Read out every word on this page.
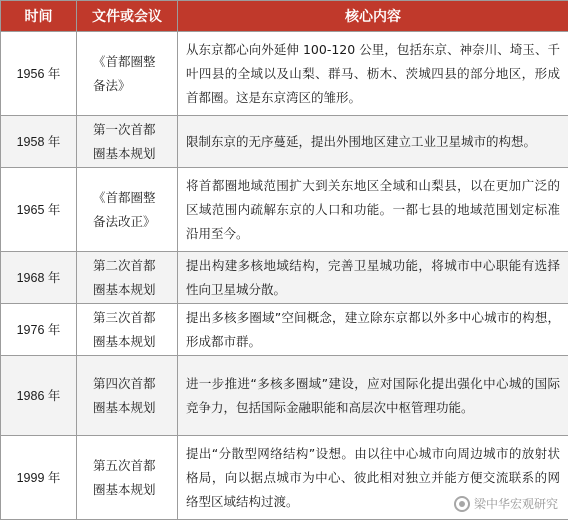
时间	文件或会议	核心内容
1956 年	《首都圈整备法》	从东京都心向外延伸 100-120 公里，包括东京、神奈川、埼玉、千叶四县的全域以及山梨、群马、枥木、茨城四县的部分地区，形成首都圈。这是东京湾区的雏形。
1958 年	第一次首都圈基本规划	限制东京的无序蔓延，提出外围地区建立工业卫星城市的构想。
1965 年	《首都圈整备法改正》	将首都圈地域范围扩大到关东地区全域和山梨县，以在更加广泛的区域范围内疏解东京的人口和功能。一都七县的地域范围划定标准沿用至今。
1968 年	第二次首都圈基本规划	提出构建多核地域结构，完善卫星城功能，将城市中心职能有选择性向卫星城分散。
1976 年	第三次首都圈基本规划	提出多核多圈域”空间概念，建立除东京都以外多中心城市的构想，形成都市群。
1986 年	第四次首都圈基本规划	进一步推进“多核多圈域”建设，应对国际化提出强化中心城的国际竞争力，包括国际金融职能和高层次中枢管理功能。
1999 年	第五次首都圈基本规划	提出“分散型网络结构”设想。由以往中心城市向周边城市的放射状格局，向以据点城市为中心、彼此相对独立并能方便交流联系的网络型区域结构过渡。	梁中华宏观研究
